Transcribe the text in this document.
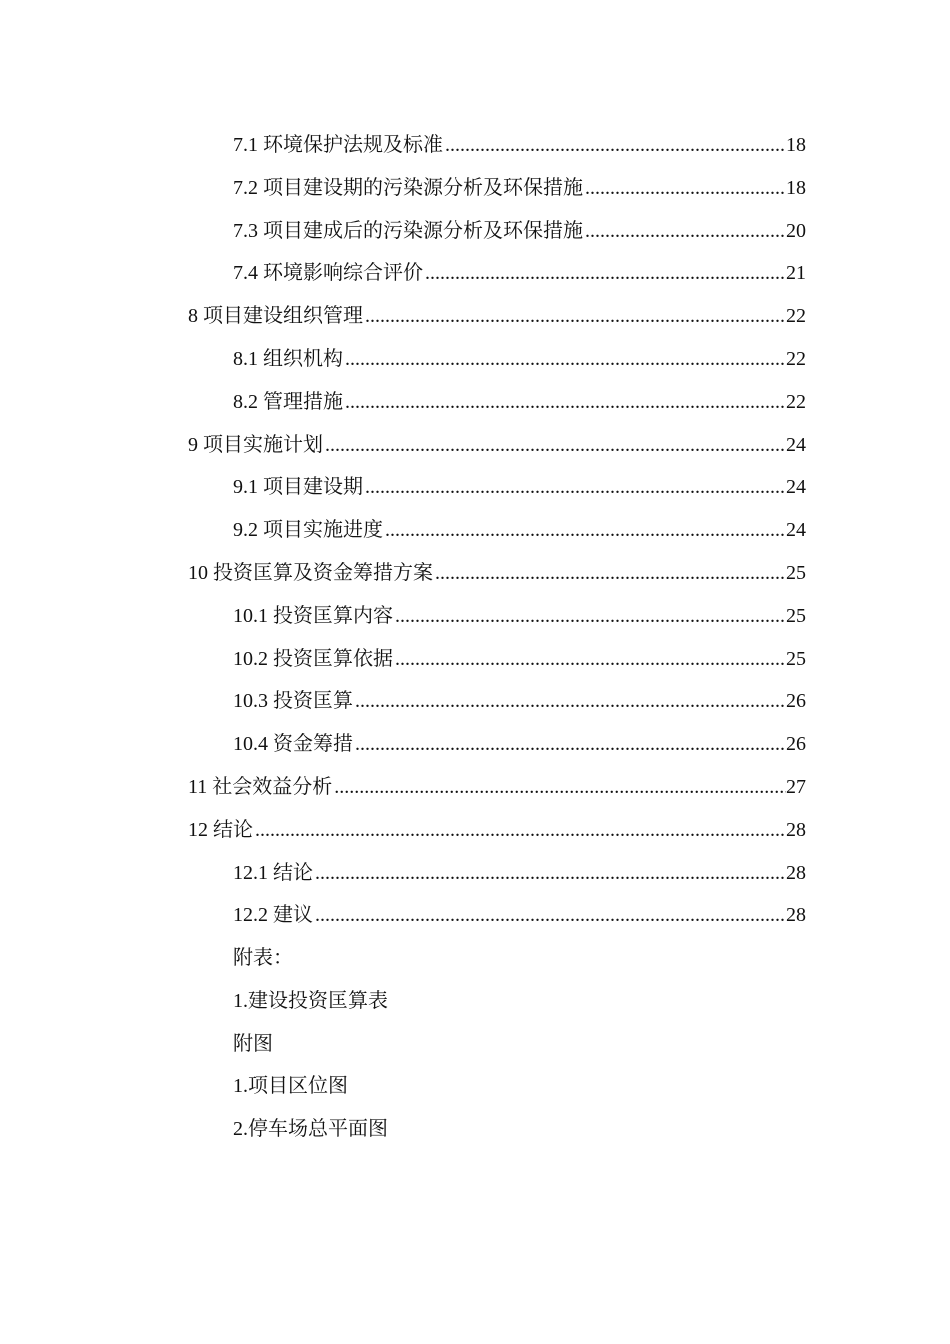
7.1 环境保护法规及标准 .....	18
7.2 项目建设期的污染源分析及环保措施 .....	18
7.3 项目建成后的污染源分析及环保措施 .....	20
7.4 环境影响综合评价 .....	21
8 项目建设组织管理 .....	22
8.1 组织机构 .....	22
8.2 管理措施 .....	22
9 项目实施计划 .....	24
9.1 项目建设期 .....	24
9.2 项目实施进度 .....	24
10 投资匡算及资金筹措方案 .....	25
10.1 投资匡算内容 .....	25
10.2 投资匡算依据 .....	25
10.3 投资匡算 .....	26
10.4 资金筹措 .....	26
11 社会效益分析 .....	27
12 结论 .....	28
12.1 结论 .....	28
12.2 建议 .....	28
附表：
1.建设投资匡算表
附图
1.项目区位图
2.停车场总平面图
